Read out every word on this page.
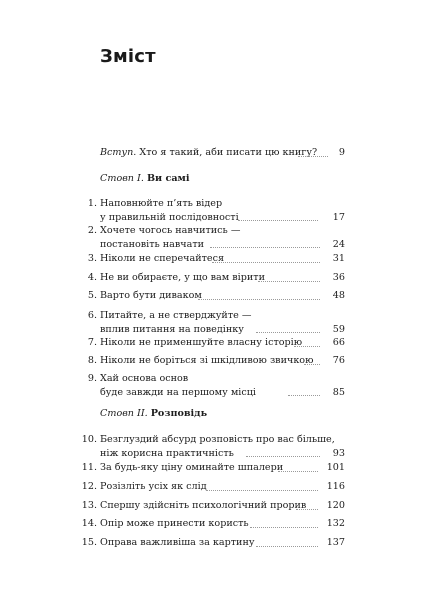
Зміст
Вступ. Хто я такий, аби писати цю книгу? 9
Стовп I. Ви самі
1. Наповнюйте п’ять відер
у правильній послідовності	17
2. Хочете чогось навчитись —
постановіть навчати	24
3. Ніколи не сперечайтеся	31
4. Не ви обираєте, у що вам вірити	36
5. Варто бути диваком	48
6. Питайте, а не стверджуйте —
вплив питання на поведінку	59
7. Ніколи не применшуйте власну історію	66
8. Ніколи не боріться зі шкідливою звичкою	76
9. Хай основа основ
буде завжди на першому місці	85
Стовп II. Розповідь
10. Безглуздий абсурд розповість про вас більше,
ніж корисна практичність	93
11. За будь-яку ціну оминайте шпалери	101
12. Розізліть усіх як слід	116
13. Спершу здійсніть психологічний прорив	120
14. Опір може принести користь	132
15. Оправа важливіша за картину	137
